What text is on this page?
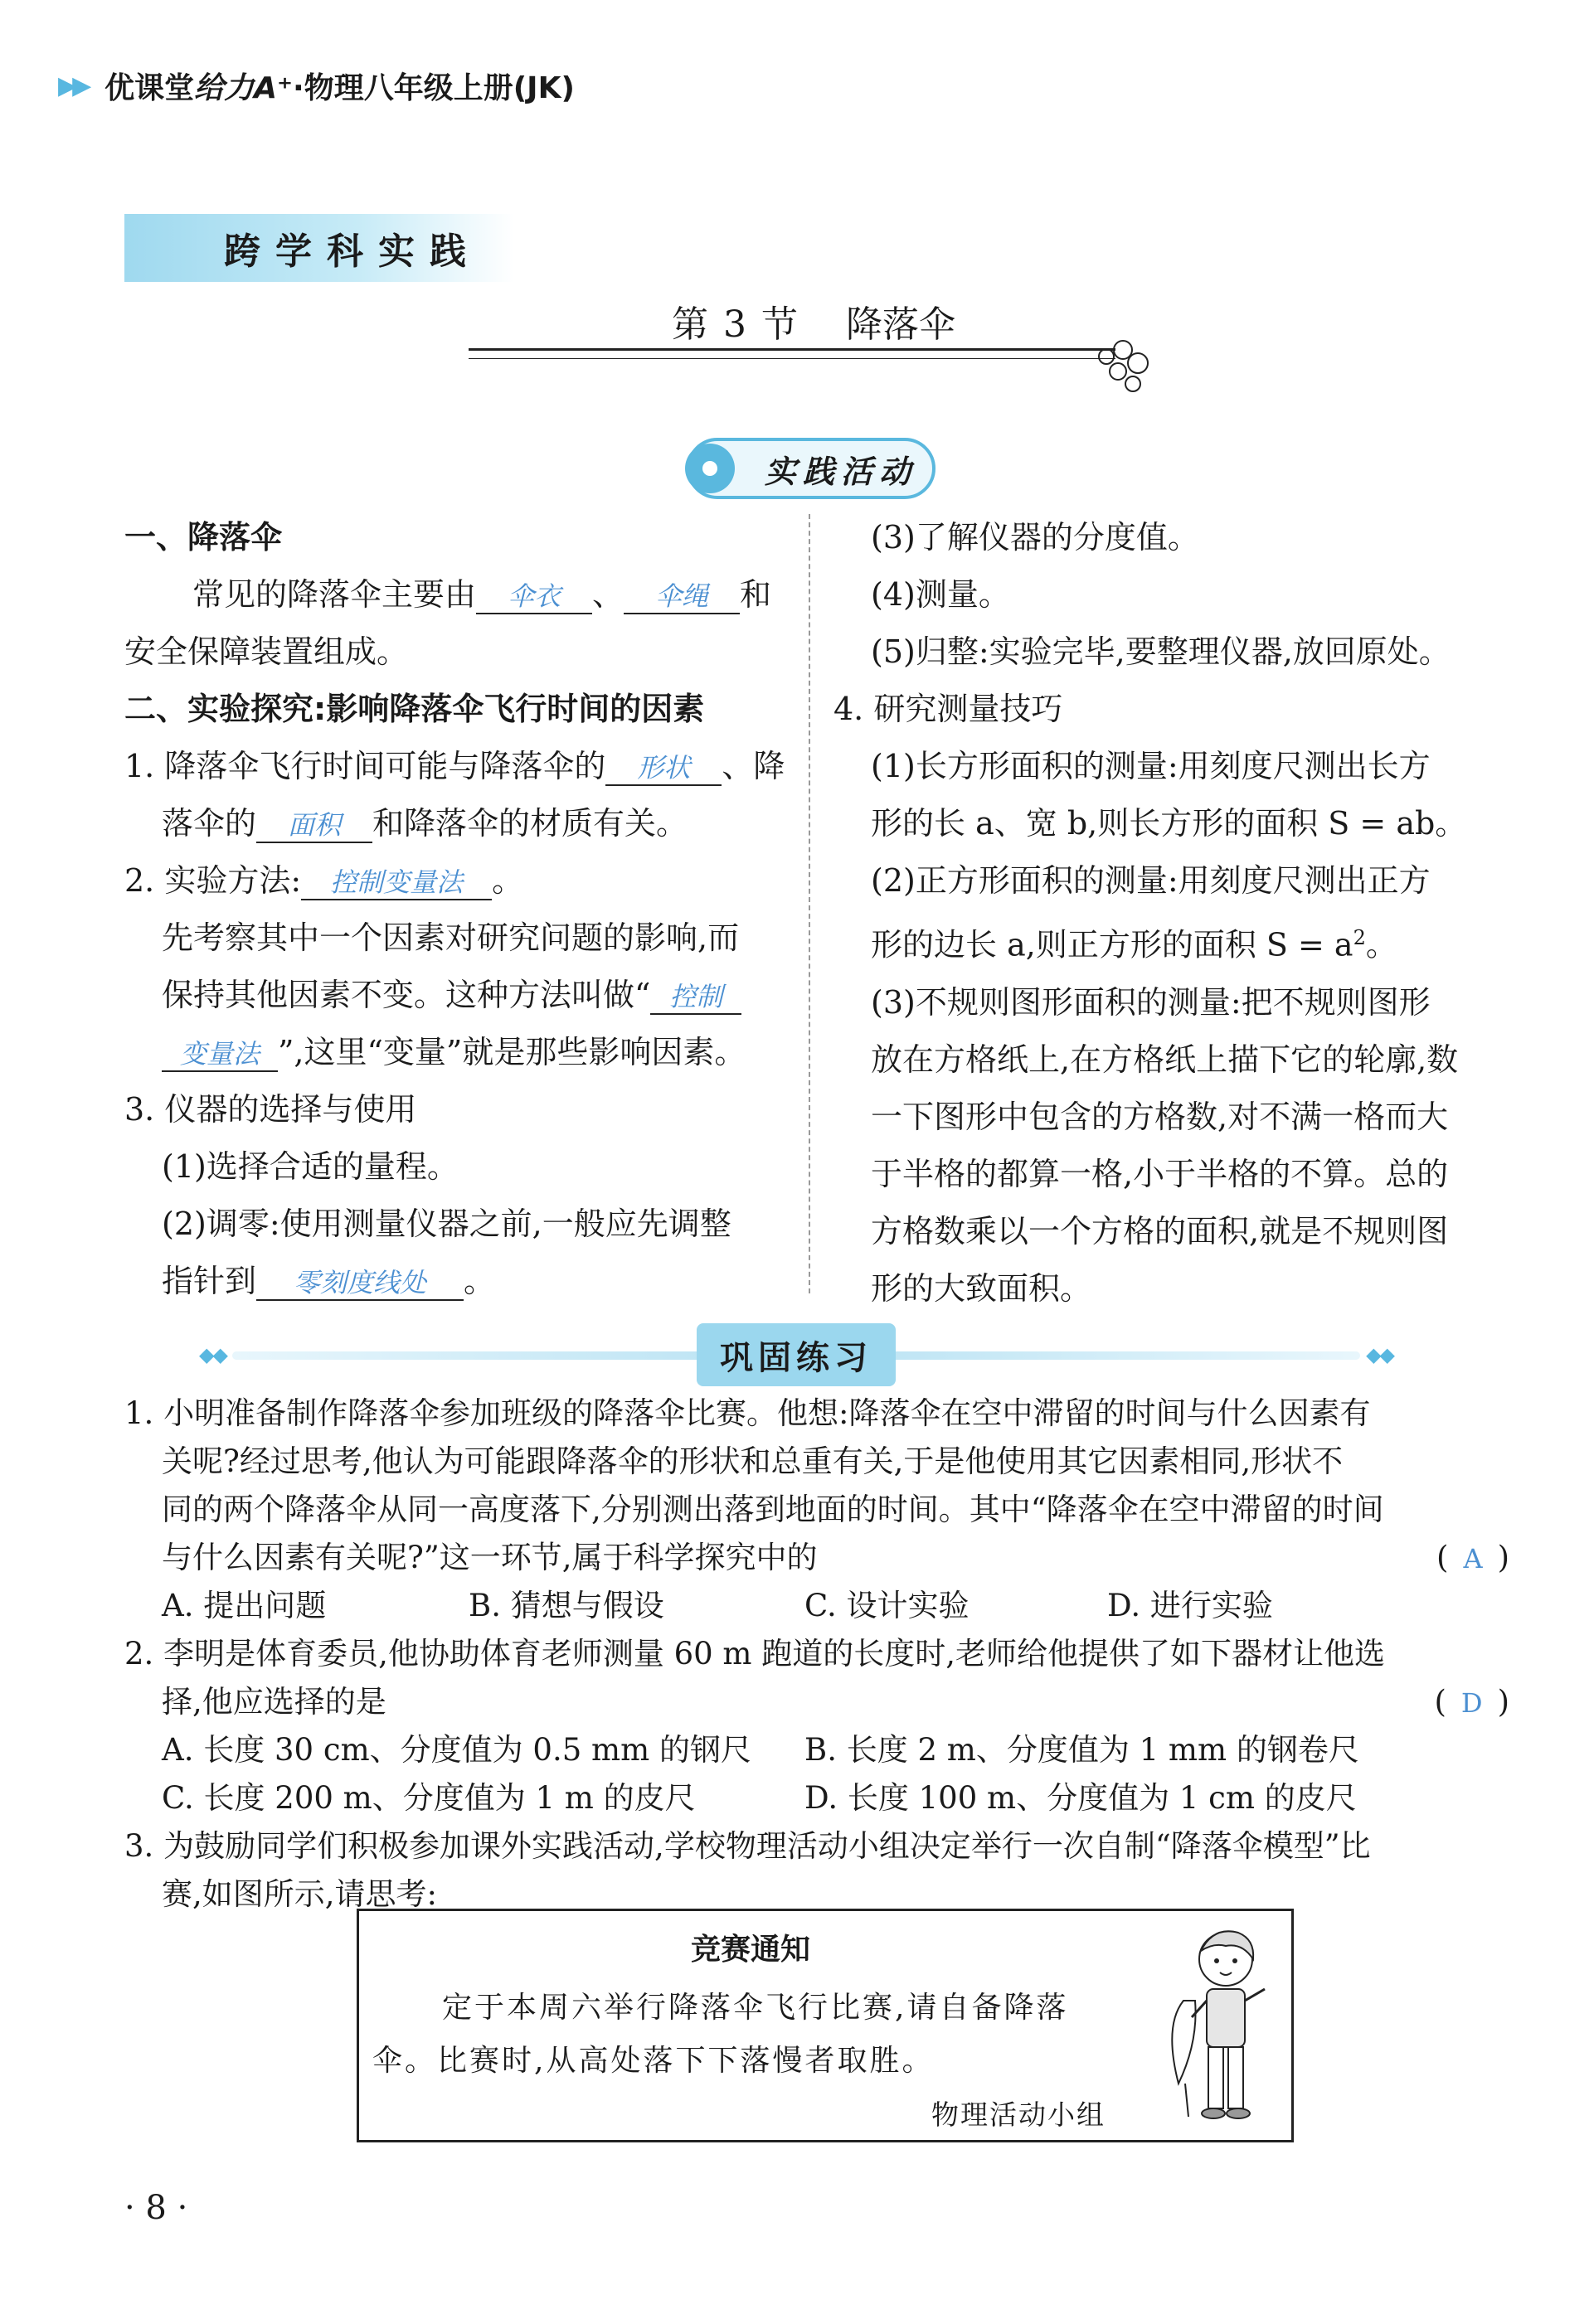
▶▶ 优课堂 给力A⁺ ·物理八年级上册(JK)
跨学科实践
第 3 节 降落伞
实践活动

一、降落伞

常见的降落伞主要由 伞衣 、 伞绳 和

安全保障装置组成。

二、实验探究:影响降落伞飞行时间的因素

1. 降落伞飞行时间可能与降落伞的 形状 、降

落伞的 面积 和降落伞的材质有关。

2. 实验方法: 控制变量法 。

先考察其中一个因素对研究问题的影响,而

保持其他因素不变。这种方法叫做“ 控制

变量法 ”,这里“变量”就是那些影响因素。

3. 仪器的选择与使用

(1)选择合适的量程。

(2)调零:使用测量仪器之前,一般应先调整

指针到 零刻度线处 。

(3)了解仪器的分度值。

(4)测量。

(5)归整:实验完毕,要整理仪器,放回原处。

4. 研究测量技巧

(1)长方形面积的测量:用刻度尺测出长方

形的长 a、宽 b,则长方形的面积 S = ab。

(2)正方形面积的测量:用刻度尺测出正方

形的边长 a,则正方形的面积 $S = a^2$。

(3)不规则图形面积的测量:把不规则图形

放在方格纸上,在方格纸上描下它的轮廓,数

一下图形中包含的方格数,对不满一格而大

于半格的都算一格,小于半格的不算。总的

方格数乘以一个方格的面积,就是不规则图

形的大致面积。

◆◆	◆◆
巩固练习

1. 小明准备制作降落伞参加班级的降落伞比赛。他想:降落伞在空中滞留的时间与什么因素有

关呢?经过思考,他认为可能跟降落伞的形状和总重有关,于是他使用其它因素相同,形状不

同的两个降落伞从同一高度落下,分别测出落到地面的时间。其中“降落伞在空中滞留的时间

与什么因素有关呢?”这一环节,属于科学探究中的	( A )

A. 提出问题	B. 猜想与假设	C. 设计实验	D. 进行实验

2. 李明是体育委员,他协助体育老师测量 60 m 跑道的长度时,老师给他提供了如下器材让他选

择,他应选择的是	( D )

A. 长度 30 cm、分度值为 0.5 mm 的钢尺	B. 长度 2 m、分度值为 1 mm 的钢卷尺

C. 长度 200 m、分度值为 1 m 的皮尺	D. 长度 100 m、分度值为 1 cm 的皮尺

3. 为鼓励同学们积极参加课外实践活动,学校物理活动小组决定举行一次自制“降落伞模型”比

赛,如图所示,请思考:

竞赛通知
定于本周六举行降落伞飞行比赛,请自备降落
伞。比赛时,从高处落下下落慢者取胜。
物理活动小组
· 8 ·
